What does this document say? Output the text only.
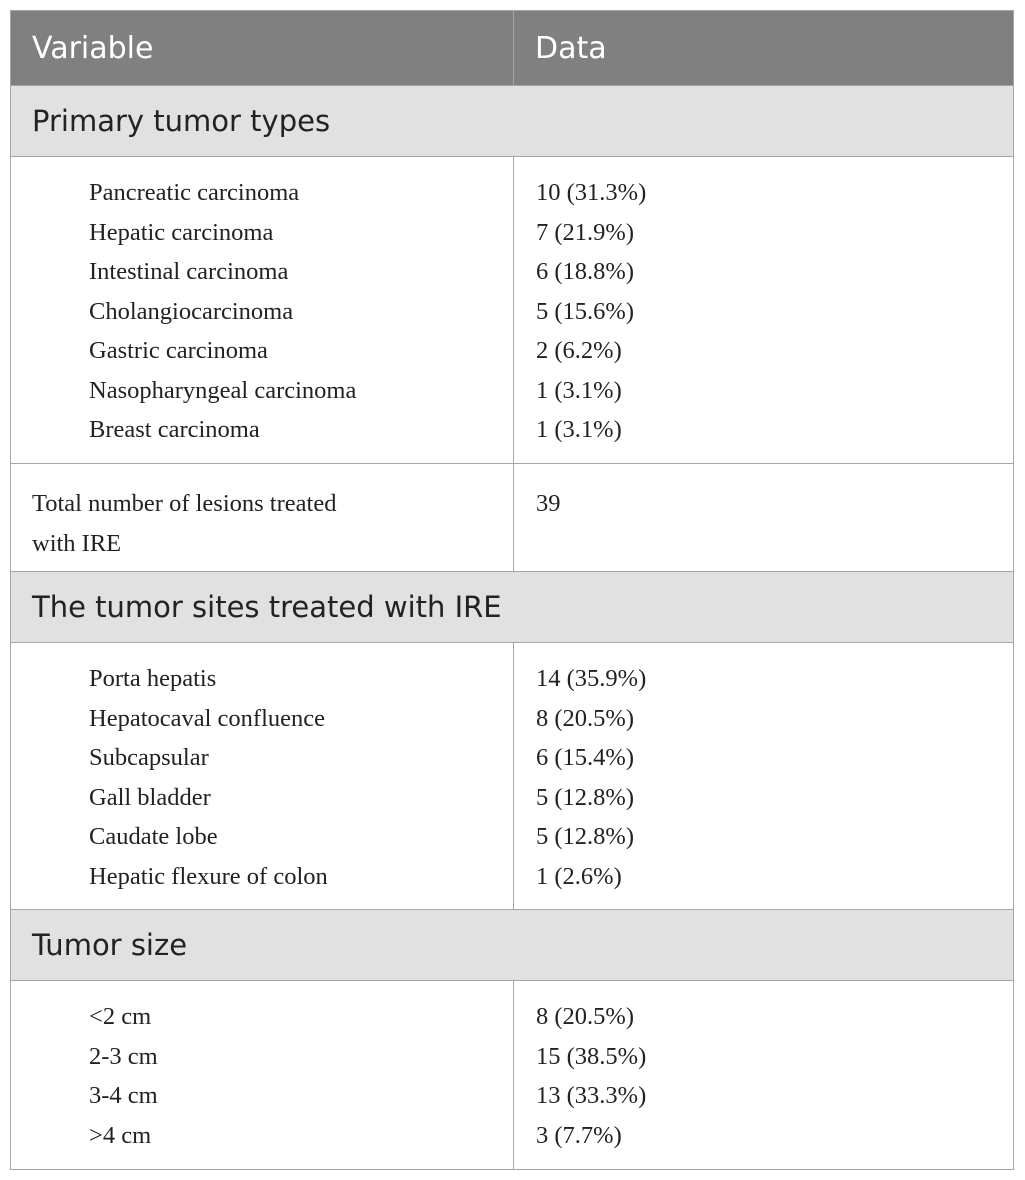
Variable	Data
Primary tumor types
Pancreatic carcinoma
Hepatic carcinoma
Intestinal carcinoma
Cholangiocarcinoma
Gastric carcinoma
Nasopharyngeal carcinoma
Breast carcinoma
10 (31.3%)
7 (21.9%)
6 (18.8%)
5 (15.6%)
2 (6.2%)
1 (3.1%)
1 (3.1%)
Total number of lesions treated
with IRE
39
The tumor sites treated with IRE
Porta hepatis
Hepatocaval confluence
Subcapsular
Gall bladder
Caudate lobe
Hepatic flexure of colon
14 (35.9%)
8 (20.5%)
6 (15.4%)
5 (12.8%)
5 (12.8%)
1 (2.6%)
Tumor size
<2 cm
2-3 cm
3-4 cm
>4 cm
8 (20.5%)
15 (38.5%)
13 (33.3%)
3 (7.7%)
